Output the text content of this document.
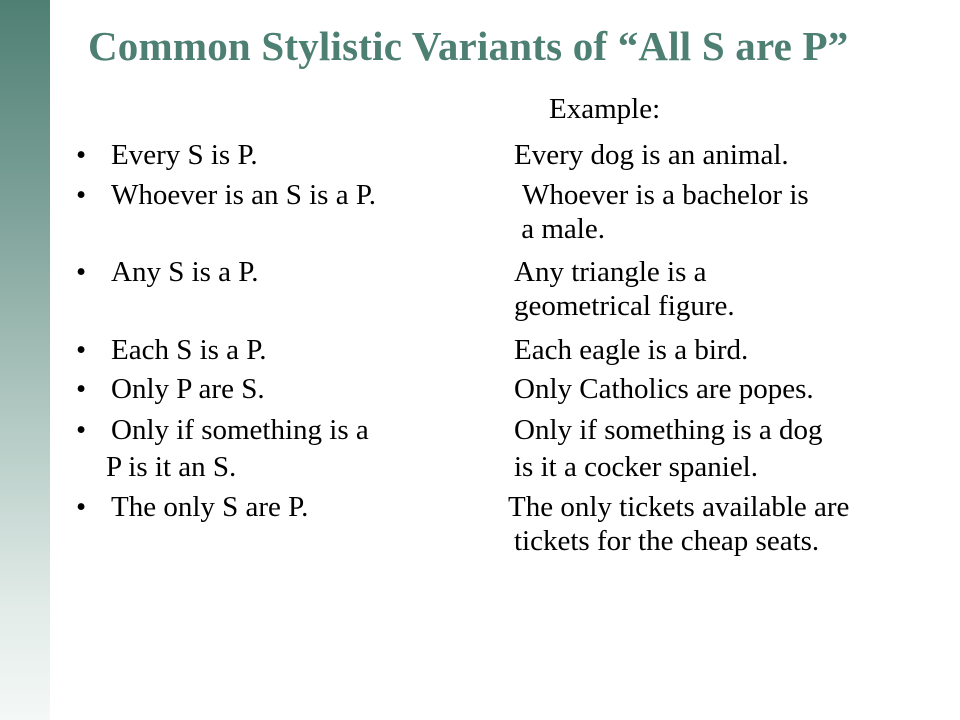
Common Stylistic Variants of “All S are P”
Example:
• Every S is P.	Every dog is an animal.
• Whoever is an S is a P.	Whoever is a bachelor is
a male.
• Any S is a P.	Any triangle is a
geometrical figure.
• Each S is a P.	Each eagle is a bird.
• Only P are S.	Only Catholics are popes.
• Only if something is a	Only if something is a dog
P is it an S.	is it a cocker spaniel.
• The only S are P.	The only tickets available are
tickets for the cheap seats.
